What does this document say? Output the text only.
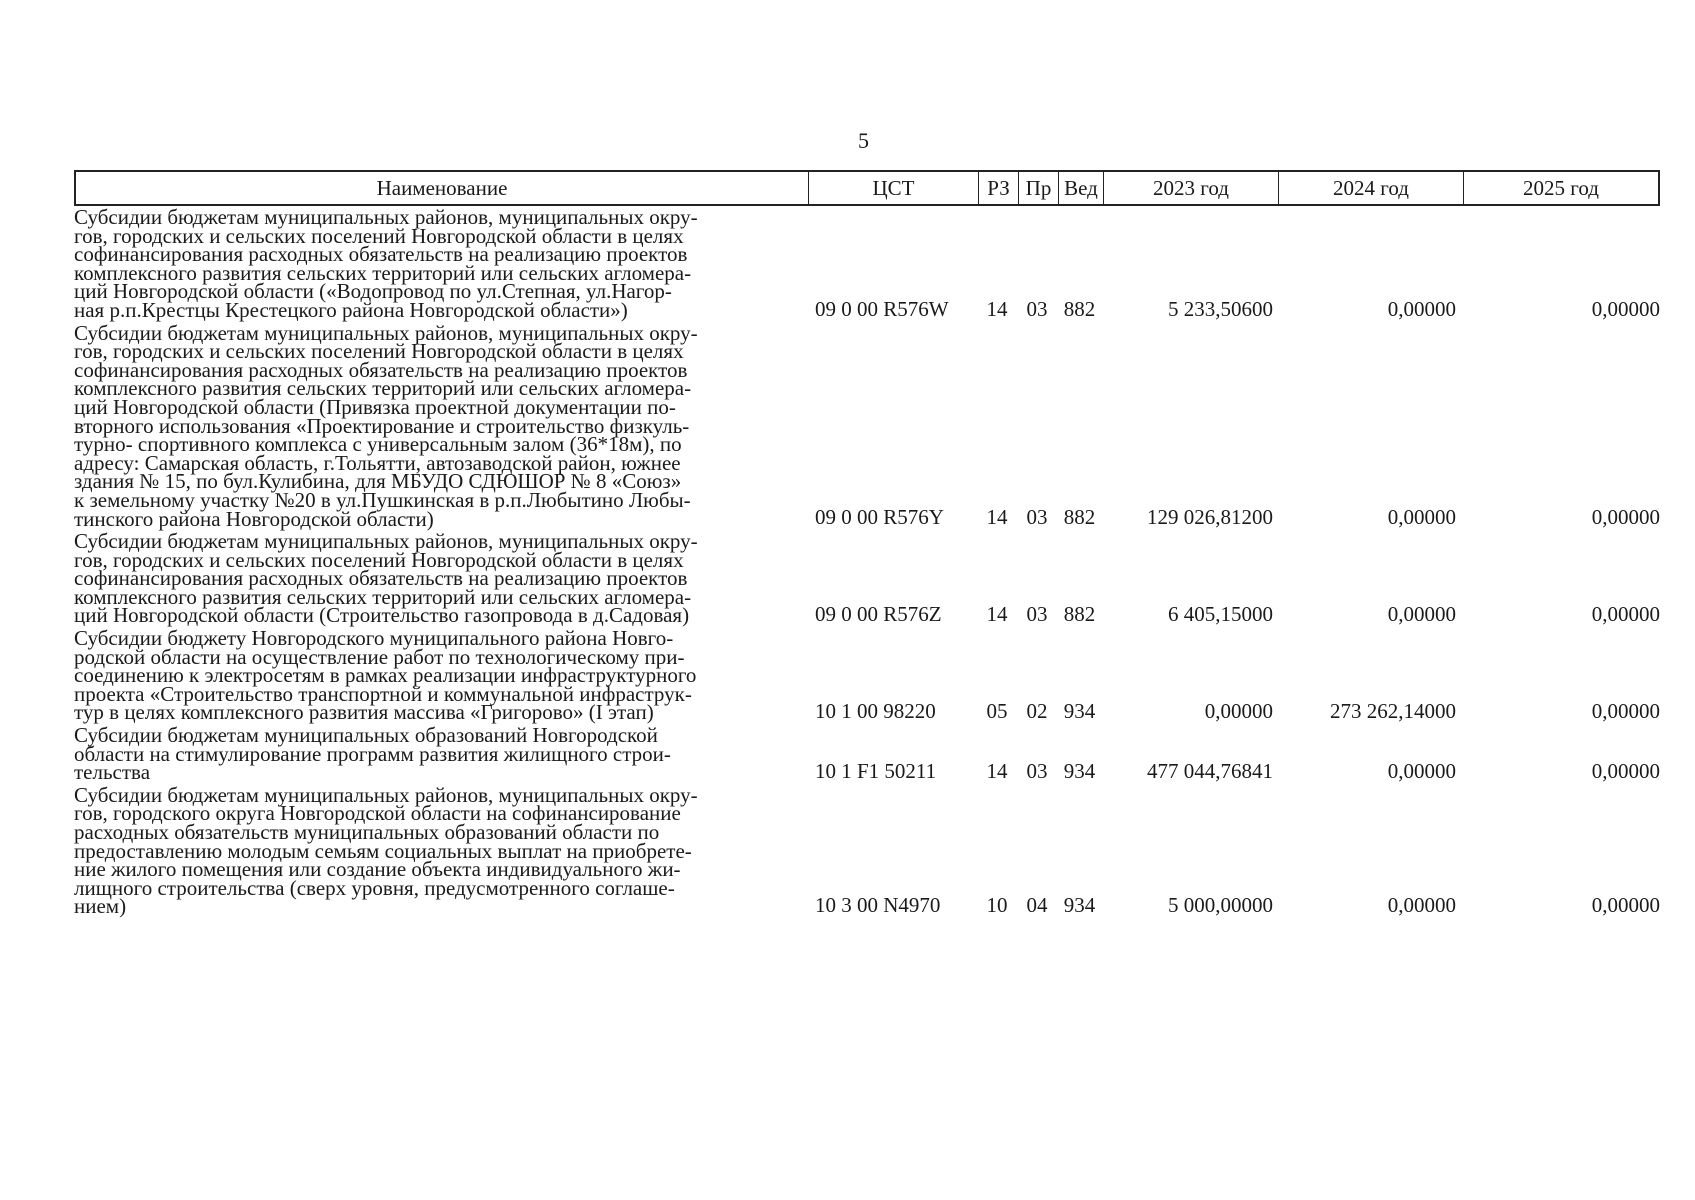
5
Наименование	ЦСТ	РЗ Пр Вед	2023 год	2024 год	2025 год
Субсидии бюджетам муниципальных районов, муниципальных окру-
гов, городских и сельских поселений Новгородской области в целях
софинансирования расходных обязательств на реализацию проектов
комплексного развития сельских территорий или сельских агломера-
ций Новгородской области («Водопровод по ул.Степная, ул.Нагор-
ная р.п.Крестцы Крестецкого района Новгородской области»)	09 0 00 R576W	14 03 882	5 233,50600	0,00000	0,00000
Субсидии бюджетам муниципальных районов, муниципальных окру-
гов, городских и сельских поселений Новгородской области в целях
софинансирования расходных обязательств на реализацию проектов
комплексного развития сельских территорий или сельских агломера-
ций Новгородской области (Привязка проектной документации по-
вторного использования «Проектирование и строительство физкуль-
турно- спортивного комплекса с универсальным залом (36*18м), по
адресу: Самарская область, г.Тольятти, автозаводской район, южнее
здания № 15, по бул.Кулибина, для МБУДО СДЮШОР № 8 «Союз»
к земельному участку №20 в ул.Пушкинская в р.п.Любытино Любы-
тинского района Новгородской области)	09 0 00 R576Y	14 03 882	129 026,81200	0,00000	0,00000
Субсидии бюджетам муниципальных районов, муниципальных окру-
гов, городских и сельских поселений Новгородской области в целях
софинансирования расходных обязательств на реализацию проектов
комплексного развития сельских территорий или сельских агломера-
ций Новгородской области (Строительство газопровода в д.Садовая)	09 0 00 R576Z	14 03 882	6 405,15000	0,00000	0,00000
Субсидии бюджету Новгородского муниципального района Новго-
родской области на осуществление работ по технологическому при-
соединению к электросетям в рамках реализации инфраструктурного
проекта «Строительство транспортной и коммунальной инфраструк-
тур в целях комплексного развития массива «Григорово» (I этап)	10 1 00 98220	05 02 934	0,00000	273 262,14000	0,00000
Субсидии бюджетам муниципальных образований Новгородской
области на стимулирование программ развития жилищного строи-
тельства	10 1 F1 50211	14 03 934	477 044,76841	0,00000	0,00000
Субсидии бюджетам муниципальных районов, муниципальных окру-
гов, городского округа Новгородской области на софинансирование
расходных обязательств муниципальных образований области по
предоставлению молодым семьям социальных выплат на приобрете-
ние жилого помещения или создание объекта индивидуального жи-
лищного строительства (сверх уровня, предусмотренного соглаше-
нием)	10 3 00 N4970	10 04 934	5 000,00000	0,00000	0,00000
